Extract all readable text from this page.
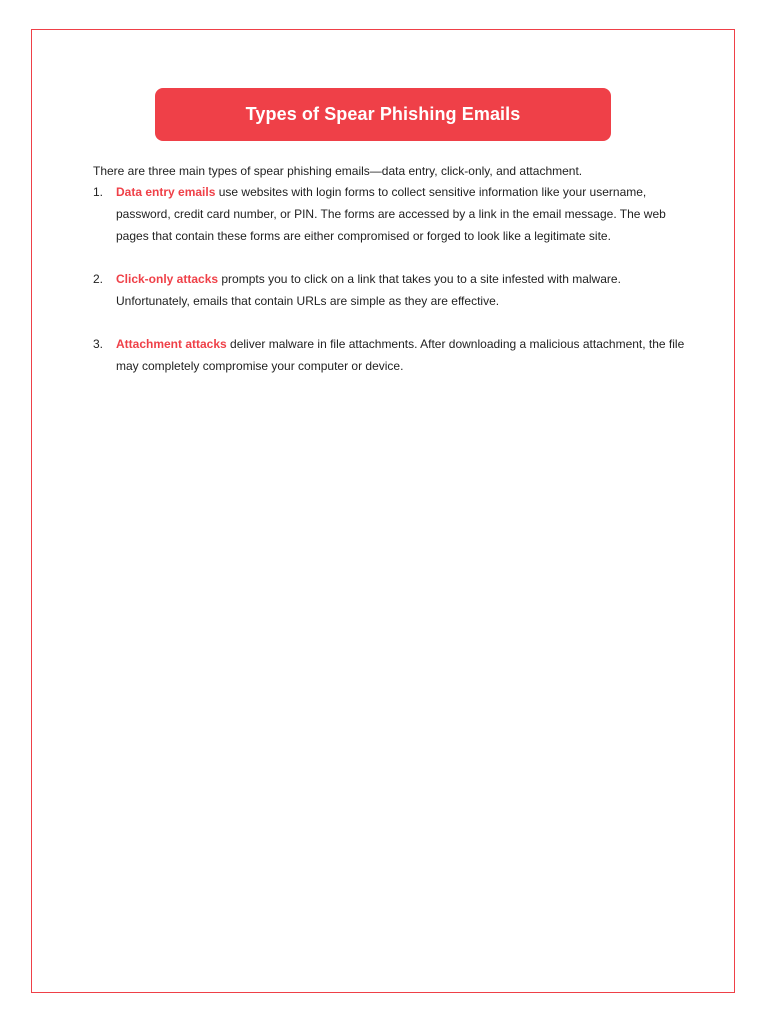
Types of Spear Phishing Emails

There are three main types of spear phishing emails—data entry, click-only, and attachment.

1. Data entry emails use websites with login forms to collect sensitive information like your username, password, credit card number, or PIN. The forms are accessed by a link in the email message. The web pages that contain these forms are either compromised or forged to look like a legitimate site.
2. Click-only attacks prompts you to click on a link that takes you to a site infested with malware. Unfortunately, emails that contain URLs are simple as they are effective.
3. Attachment attacks deliver malware in file attachments. After downloading a malicious attachment, the file may completely compromise your computer or device.
